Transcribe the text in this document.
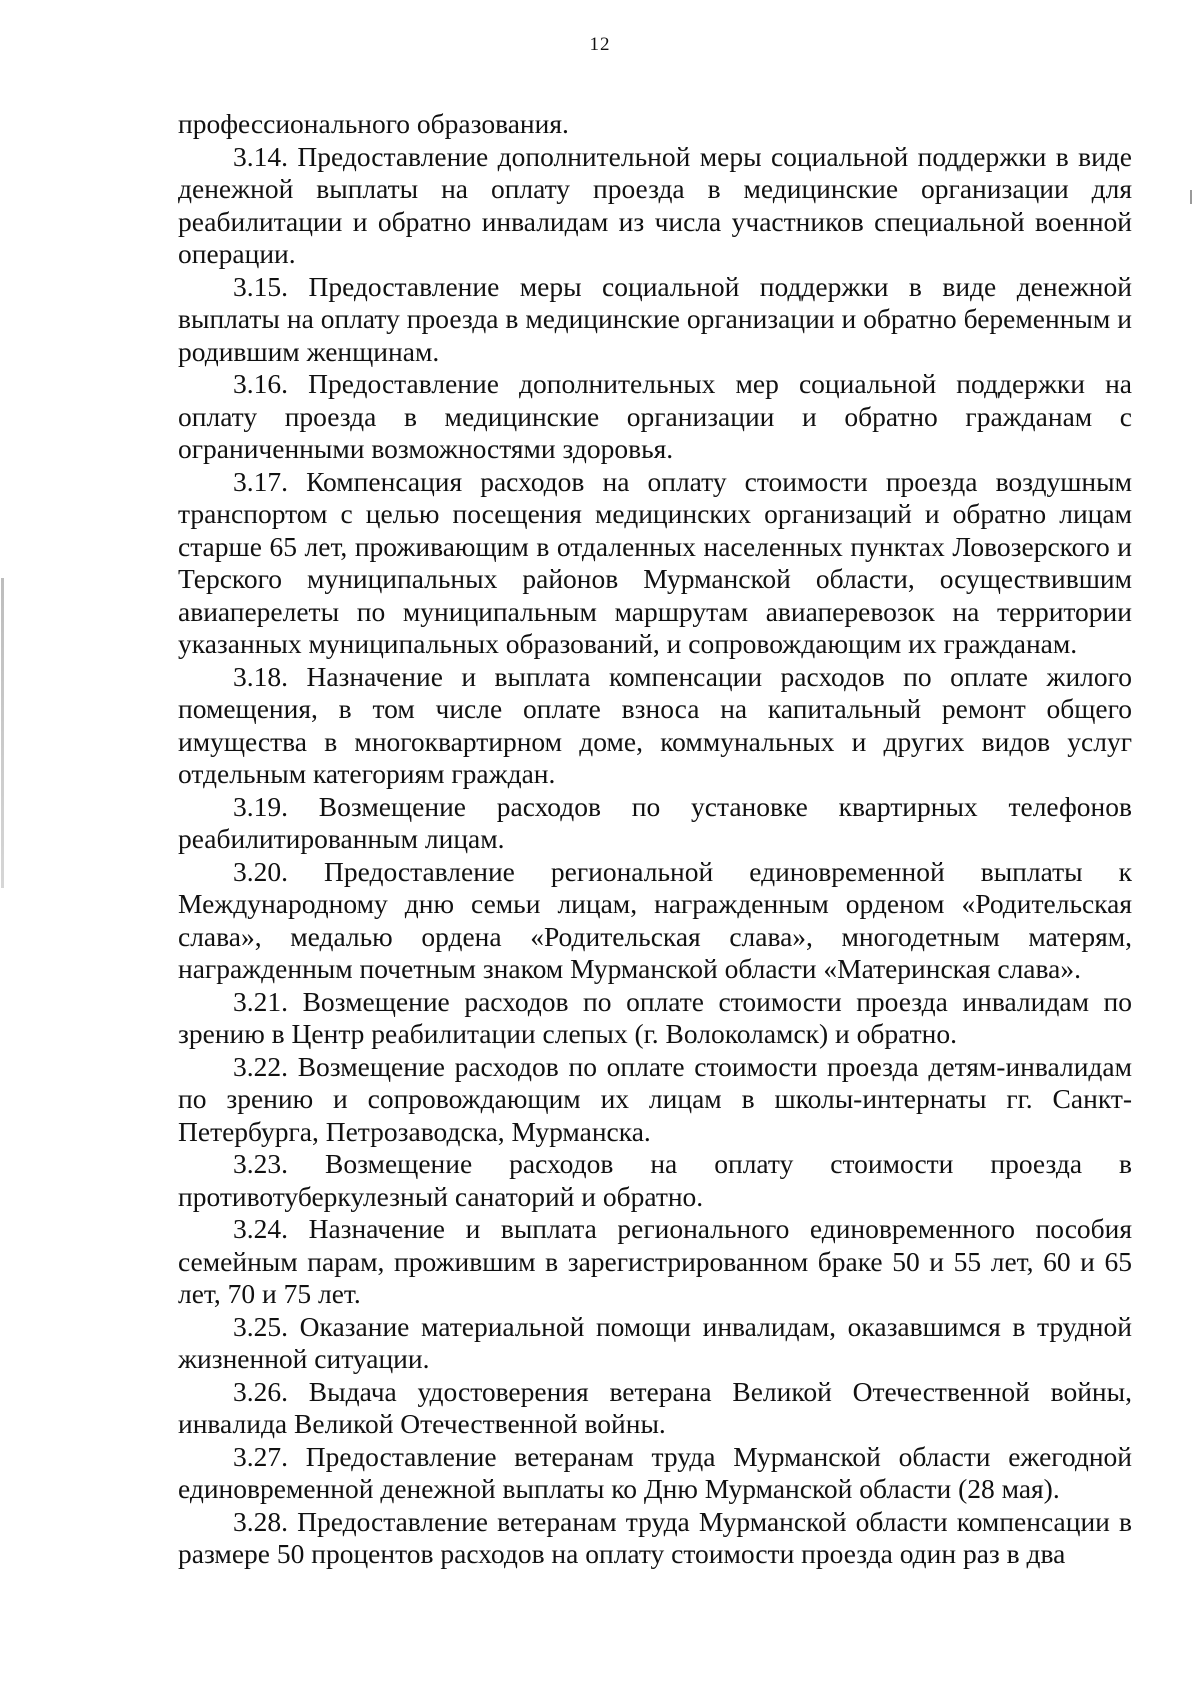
12

профессионального образования.

3.14. Предоставление дополнительной меры социальной поддержки в виде денежной выплаты на оплату проезда в медицинские организации для реабилитации и обратно инвалидам из числа участников специальной военной операции.

3.15. Предоставление меры социальной поддержки в виде денежной выплаты на оплату проезда в медицинские организации и обратно беременным и родившим женщинам.

3.16. Предоставление дополнительных мер социальной поддержки на оплату проезда в медицинские организации и обратно гражданам с ограниченными возможностями здоровья.

3.17. Компенсация расходов на оплату стоимости проезда воздушным транспортом с целью посещения медицинских организаций и обратно лицам старше 65 лет, проживающим в отдаленных населенных пунктах Ловозерского и Терского муниципальных районов Мурманской области, осуществившим авиаперелеты по муниципальным маршрутам авиаперевозок на территории указанных муниципальных образований, и сопровождающим их гражданам.

3.18. Назначение и выплата компенсации расходов по оплате жилого помещения, в том числе оплате взноса на капитальный ремонт общего имущества в многоквартирном доме, коммунальных и других видов услуг отдельным категориям граждан.

3.19. Возмещение расходов по установке квартирных телефонов реабилитированным лицам.

3.20. Предоставление региональной единовременной выплаты к Международному дню семьи лицам, награжденным орденом «Родительская слава», медалью ордена «Родительская слава», многодетным матерям, награжденным почетным знаком Мурманской области «Материнская слава».

3.21. Возмещение расходов по оплате стоимости проезда инвалидам по зрению в Центр реабилитации слепых (г. Волоколамск) и обратно.

3.22. Возмещение расходов по оплате стоимости проезда детям-инвалидам по зрению и сопровождающим их лицам в школы-интернаты гг. Санкт-Петербурга, Петрозаводска, Мурманска.

3.23. Возмещение расходов на оплату стоимости проезда в противотуберкулезный санаторий и обратно.

3.24. Назначение и выплата регионального единовременного пособия семейным парам, прожившим в зарегистрированном браке 50 и 55 лет, 60 и 65 лет, 70 и 75 лет.

3.25. Оказание материальной помощи инвалидам, оказавшимся в трудной жизненной ситуации.

3.26. Выдача удостоверения ветерана Великой Отечественной войны, инвалида Великой Отечественной войны.

3.27. Предоставление ветеранам труда Мурманской области ежегодной единовременной денежной выплаты ко Дню Мурманской области (28 мая).

3.28. Предоставление ветеранам труда Мурманской области компенсации в размере 50 процентов расходов на оплату стоимости проезда один раз в два
